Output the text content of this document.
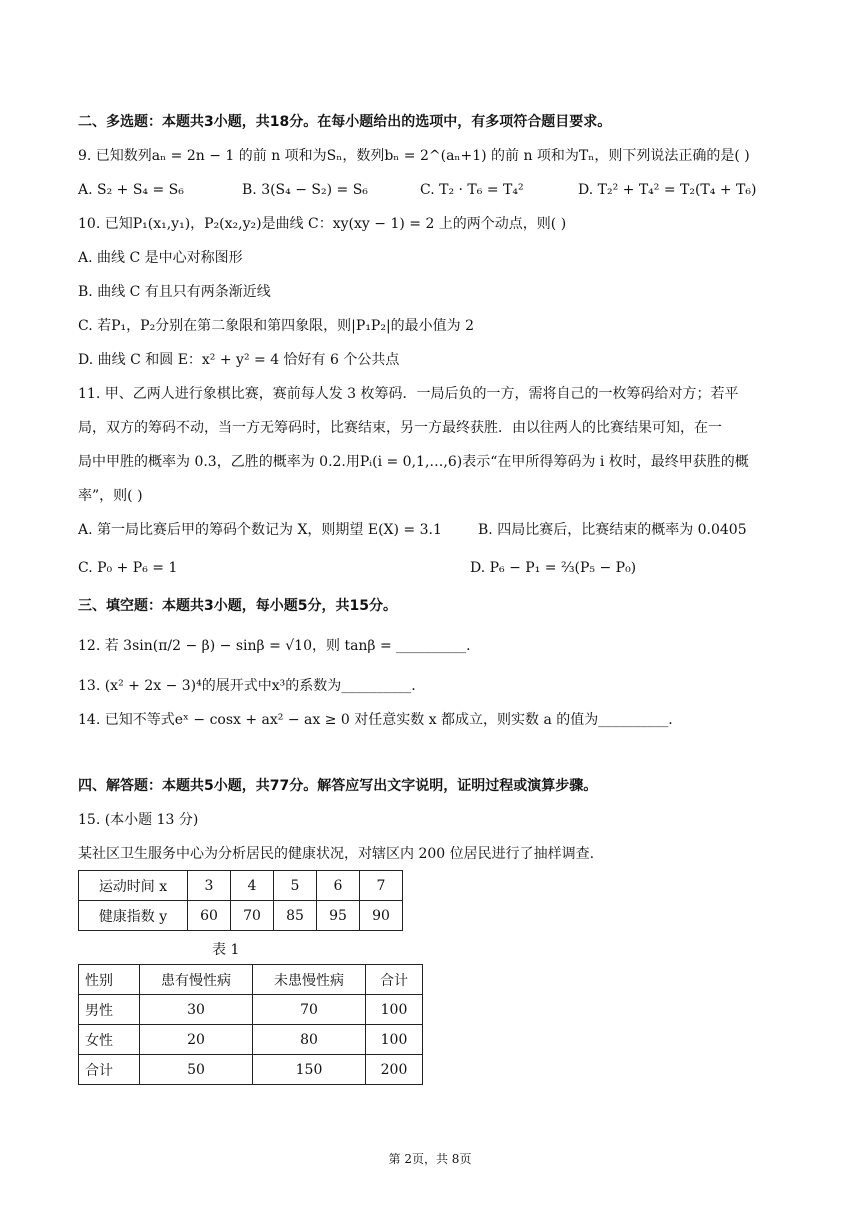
二、多选题：本题共3小题，共18分。在每小题给出的选项中，有多项符合题目要求。
9. 已知数列aₙ = 2n − 1 的前 n 项和为Sₙ，数列bₙ = 2^(aₙ+1) 的前 n 项和为Tₙ，则下列说法正确的是( )
A. S₂ + S₄ = S₆	B. 3(S₄ − S₂) = S₆	C. T₂ · T₆ = T₄²	D. T₂² + T₄² = T₂(T₄ + T₆)
10. 已知P₁(x₁,y₁)，P₂(x₂,y₂)是曲线 C：xy(xy − 1) = 2 上的两个动点，则( )
A. 曲线 C 是中心对称图形
B. 曲线 C 有且只有两条渐近线
C. 若P₁，P₂分别在第二象限和第四象限，则|P₁P₂|的最小值为 2
D. 曲线 C 和圆 E：x² + y² = 4 恰好有 6 个公共点
11. 甲、乙两人进行象棋比赛，赛前每人发 3 枚筹码．一局后负的一方，需将自己的一枚筹码给对方；若平
局，双方的筹码不动，当一方无筹码时，比赛结束，另一方最终获胜．由以往两人的比赛结果可知，在一
局中甲胜的概率为 0.3，乙胜的概率为 0.2.用Pᵢ(i = 0,1,…,6)表示“在甲所得筹码为 i 枚时，最终甲获胜的概
率”，则( )
A. 第一局比赛后甲的筹码个数记为 X，则期望 E(X) = 3.1	B. 四局比赛后，比赛结束的概率为 0.0405
C. P₀ + P₆ = 1	D. P₆ − P₁ = ⅔(P₅ − P₀)
三、填空题：本题共3小题，每小题5分，共15分。
12. 若 3sin(π/2 − β) − sinβ = √10，则 tanβ = __________.
13. (x² + 2x − 3)⁴的展开式中x³的系数为__________.
14. 已知不等式eˣ − cosx + ax² − ax ≥ 0 对任意实数 x 都成立，则实数 a 的值为__________.
四、解答题：本题共5小题，共77分。解答应写出文字说明，证明过程或演算步骤。
15. (本小题 13 分)
某社区卫生服务中心为分析居民的健康状况，对辖区内 200 位居民进行了抽样调查.
运动时间 x	3	4	5	6	7
健康指数 y	60	70	85	95	90
表 1
性别	患有慢性病	未患慢性病	合计
男性	30	70	100
女性	20	80	100
合计	50	150	200
第 2页，共 8页
